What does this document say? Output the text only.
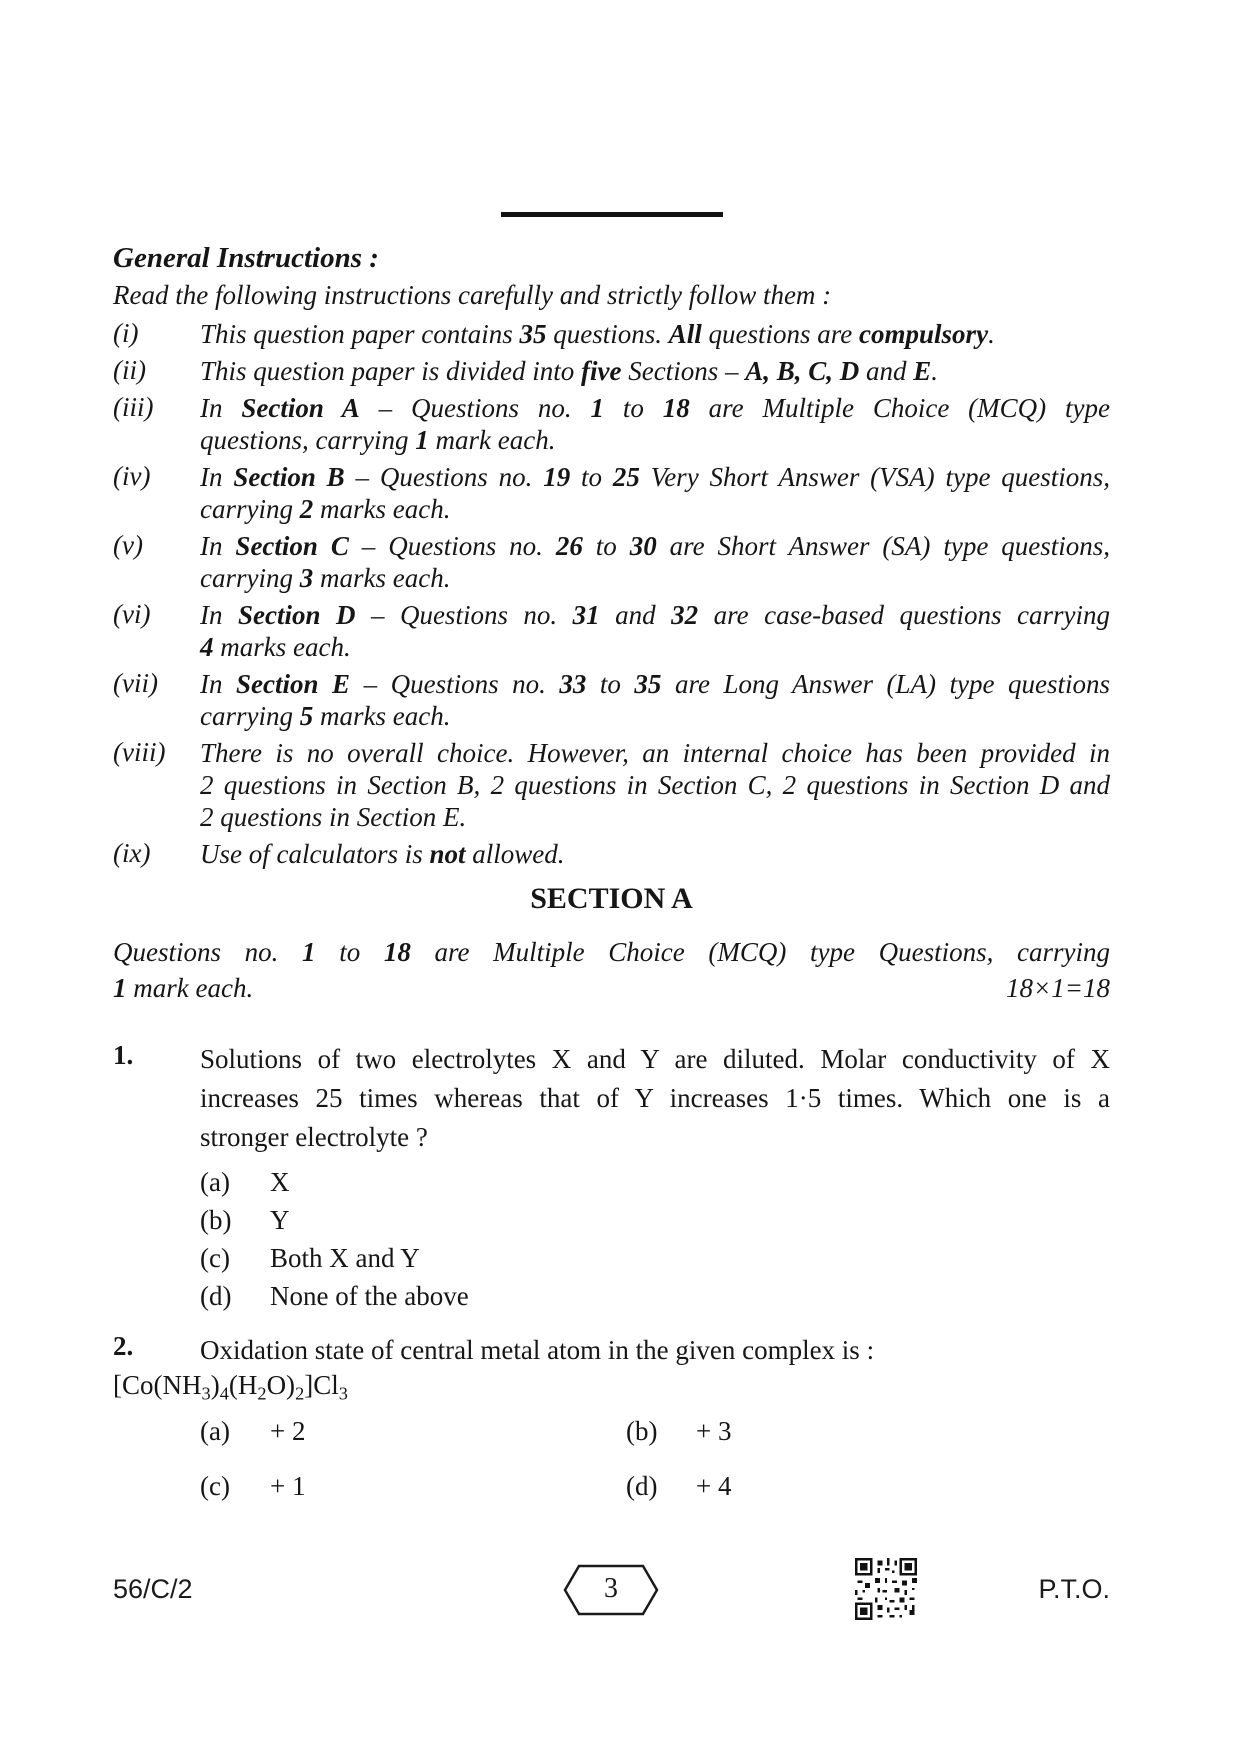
General Instructions :
Read the following instructions carefully and strictly follow them :
(i)	This question paper contains 35 questions. All questions are compulsory.
(ii)	This question paper is divided into five Sections – A, B, C, D and E.
(iii)	In Section A – Questions no. 1 to 18 are Multiple Choice (MCQ) type
questions, carrying 1 mark each.
(iv)	In Section B – Questions no. 19 to 25 Very Short Answer (VSA) type questions,
carrying 2 marks each.
(v)	In Section C – Questions no. 26 to 30 are Short Answer (SA) type questions,
carrying 3 marks each.
(vi)	In Section D – Questions no. 31 and 32 are case-based questions carrying
4 marks each.
(vii)	In Section E – Questions no. 33 to 35 are Long Answer (LA) type questions
carrying 5 marks each.
(viii)	There is no overall choice. However, an internal choice has been provided in
2 questions in Section B, 2 questions in Section C, 2 questions in Section D and
2 questions in Section E.
(ix)	Use of calculators is not allowed.
SECTION A
Questions no. 1 to 18 are Multiple Choice (MCQ) type Questions, carrying
1 mark each.	18×1=18
1.	Solutions of two electrolytes X and Y are diluted. Molar conductivity of X
increases 25 times whereas that of Y increases 1·5 times. Which one is a
stronger electrolyte ?
(a)	X
(b)	Y
(c)	Both X and Y
(d)	None of the above
2.	Oxidation state of central metal atom in the given complex is :
$[Co(NH_3)_4(H_2O)_2]Cl_3$
(a)	+ 2	(b)	+ 3
(c)	+ 1	(d)	+ 4
56/C/2	3	P.T.O.
